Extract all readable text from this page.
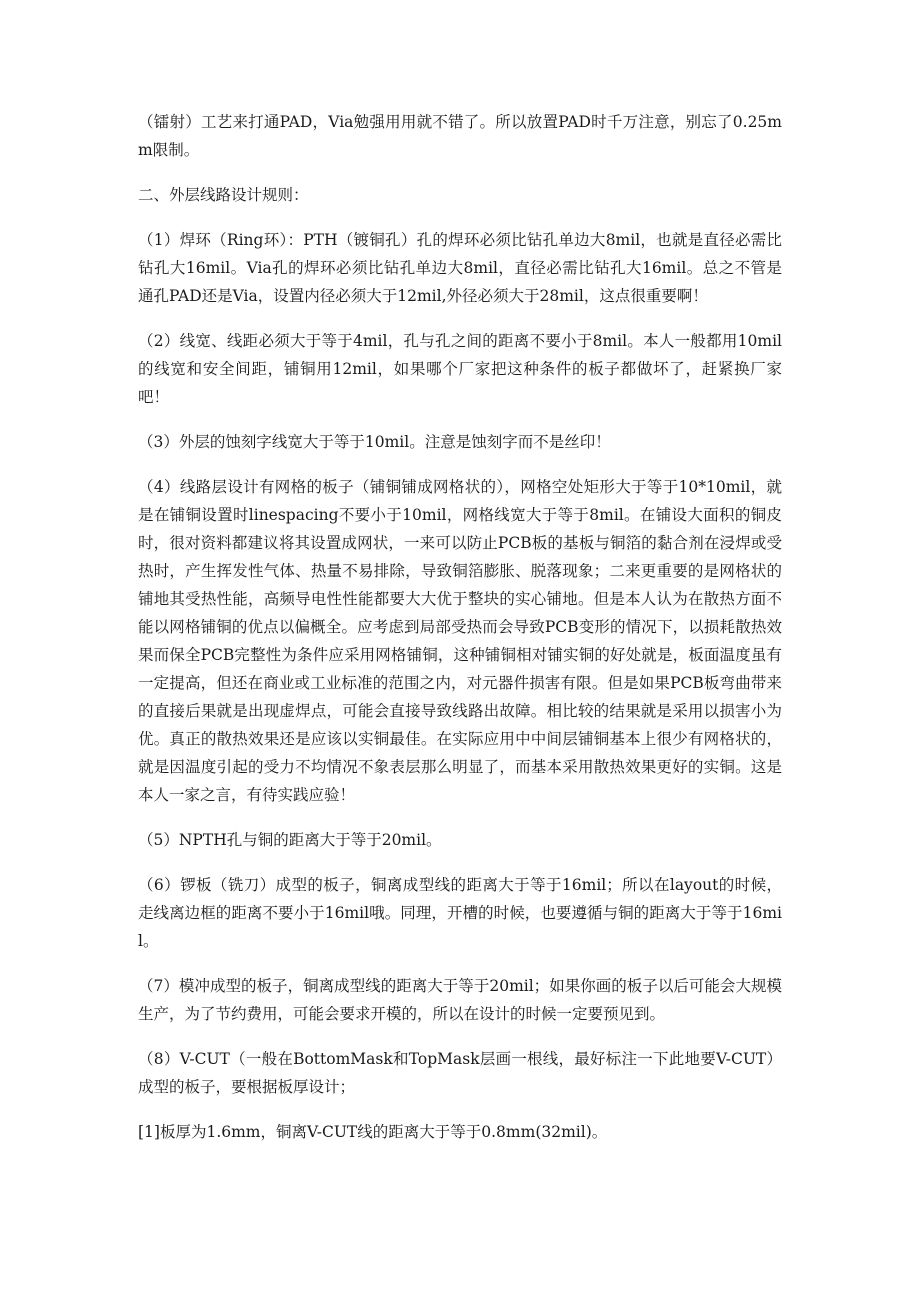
（镭射）工艺来打通PAD，Via勉强用用就不错了。所以放置PAD时千万注意，别忘了0.25mm限制。

二、外层线路设计规则：

（1）焊环（Ring环）：PTH（镀铜孔）孔的焊环必须比钻孔单边大8mil，也就是直径必需比钻孔大16mil。Via孔的焊环必须比钻孔单边大8mil，直径必需比钻孔大16mil。总之不管是通孔PAD还是Via，设置内径必须大于12mil,外径必须大于28mil，这点很重要啊！

（2）线宽、线距必须大于等于4mil，孔与孔之间的距离不要小于8mil。本人一般都用10mil的线宽和安全间距，铺铜用12mil，如果哪个厂家把这种条件的板子都做坏了，赶紧换厂家吧！

（3）外层的蚀刻字线宽大于等于10mil。注意是蚀刻字而不是丝印！

（4）线路层设计有网格的板子（铺铜铺成网格状的），网格空处矩形大于等于10*10mil，就是在铺铜设置时linespacing不要小于10mil，网格线宽大于等于8mil。在铺设大面积的铜皮时，很对资料都建议将其设置成网状，一来可以防止PCB板的基板与铜箔的黏合剂在浸焊或受热时，产生挥发性气体、热量不易排除，导致铜箔膨胀、脱落现象；二来更重要的是网格状的铺地其受热性能，高频导电性性能都要大大优于整块的实心铺地。但是本人认为在散热方面不能以网格铺铜的优点以偏概全。应考虑到局部受热而会导致PCB变形的情况下，以损耗散热效果而保全PCB完整性为条件应采用网格铺铜，这种铺铜相对铺实铜的好处就是，板面温度虽有一定提高，但还在商业或工业标准的范围之内，对元器件损害有限。但是如果PCB板弯曲带来的直接后果就是出现虚焊点，可能会直接导致线路出故障。相比较的结果就是采用以损害小为优。真正的散热效果还是应该以实铜最佳。在实际应用中中间层铺铜基本上很少有网格状的，就是因温度引起的受力不均情况不象表层那么明显了，而基本采用散热效果更好的实铜。这是本人一家之言，有待实践应验！

（5）NPTH孔与铜的距离大于等于20mil。

（6）锣板（铣刀）成型的板子，铜离成型线的距离大于等于16mil；所以在layout的时候，走线离边框的距离不要小于16mil哦。同理，开槽的时候，也要遵循与铜的距离大于等于16mil。

（7）模冲成型的板子，铜离成型线的距离大于等于20mil；如果你画的板子以后可能会大规模生产，为了节约费用，可能会要求开模的，所以在设计的时候一定要预见到。

（8）V-CUT（一般在BottomMask和TopMask层画一根线，最好标注一下此地要V-CUT）成型的板子，要根据板厚设计；

[1]板厚为1.6mm，铜离V-CUT线的距离大于等于0.8mm(32mil)。
